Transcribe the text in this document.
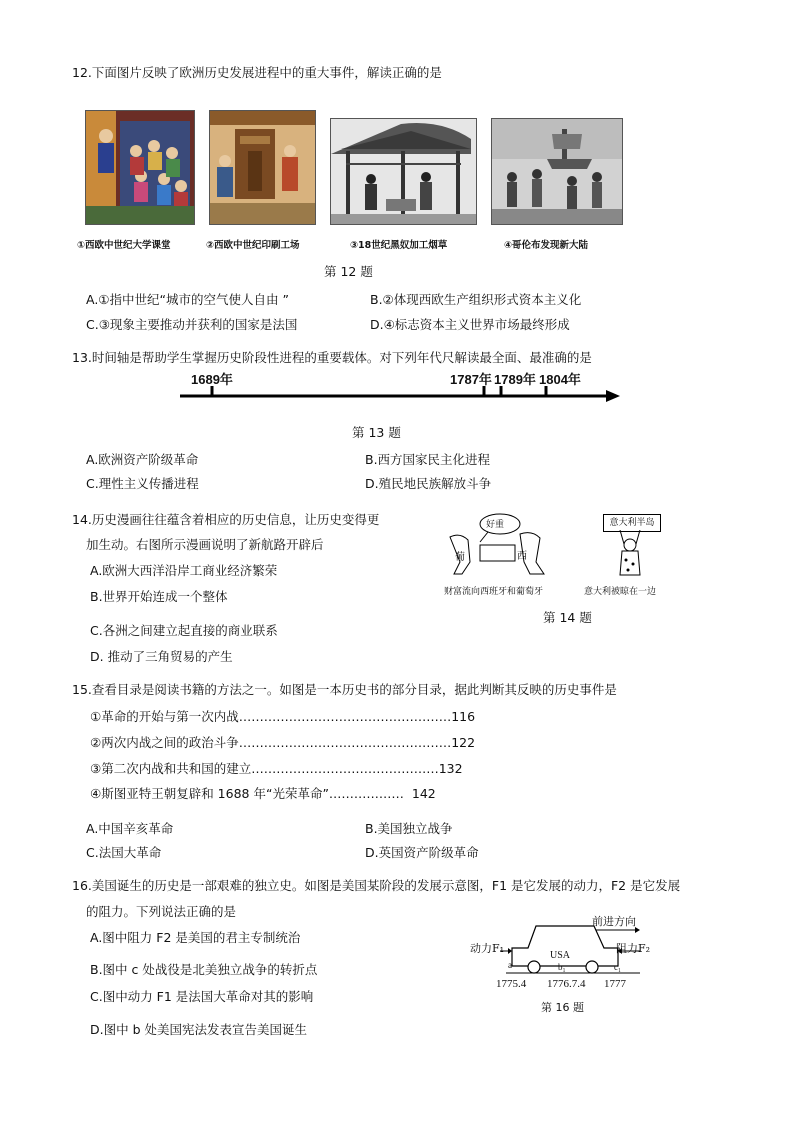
12.下面图片反映了欧洲历史发展进程中的重大事件，解读正确的是
①西欧中世纪大学课堂	②西欧中世纪印刷工场	③18世纪黑奴加工烟草	④哥伦布发现新大陆
第 12 题
A.①指中世纪“城市的空气使人自由 ”	B.②体现西欧生产组织形式资本主义化
C.③现象主要推动并获利的国家是法国	D.④标志资本主义世界市场最终形成
13.时间轴是帮助学生掌握历史阶段性进程的重要载体。对下列年代尺解读最全面、最准确的是
1689年	1787年 1789年 1804年
第 13 题
A.欧洲资产阶级革命	B.西方国家民主化进程
C.理性主义传播进程	D.殖民地民族解放斗争
14.历史漫画往往蕴含着相应的历史信息，让历史变得更
加生动。右图所示漫画说明了新航路开辟后
好重
葡	西
意大利半岛
财富流向西班牙和葡萄牙	意大利被晾在一边
第 14 题
A.欧洲大西洋沿岸工商业经济繁荣
B.世界开始连成一个整体
C.各洲之间建立起直接的商业联系
D. 推动了三角贸易的产生
15.查看目录是阅读书籍的方法之一。如图是一本历史书的部分目录，据此判断其反映的历史事件是
①革命的开始与第一次内战……………………………………………116
②两次内战之间的政治斗争……………………………………………122
③第二次内战和共和国的建立………………………………………132
④斯图亚特王朝复辟和 1688 年“光荣革命”……………… 142
A.中国辛亥革命	B.美国独立战争
C.法国大革命	D.英国资产阶级革命
16.美国诞生的历史是一部艰难的独立史。如图是美国某阶段的发展示意图，F1 是它发展的动力，F2 是它发展
的阻力。下列说法正确的是
前进方向
动力F₁	阻力F₂
USA
a	b₁	c₁
1775.4 1776.7.4 1777
第 16 题
A.图中阻力 F2 是美国的君主专制统治
B.图中 c 处战役是北美独立战争的转折点
C.图中动力 F1 是法国大革命对其的影响
D.图中 b 处美国宪法发表宣告美国诞生
